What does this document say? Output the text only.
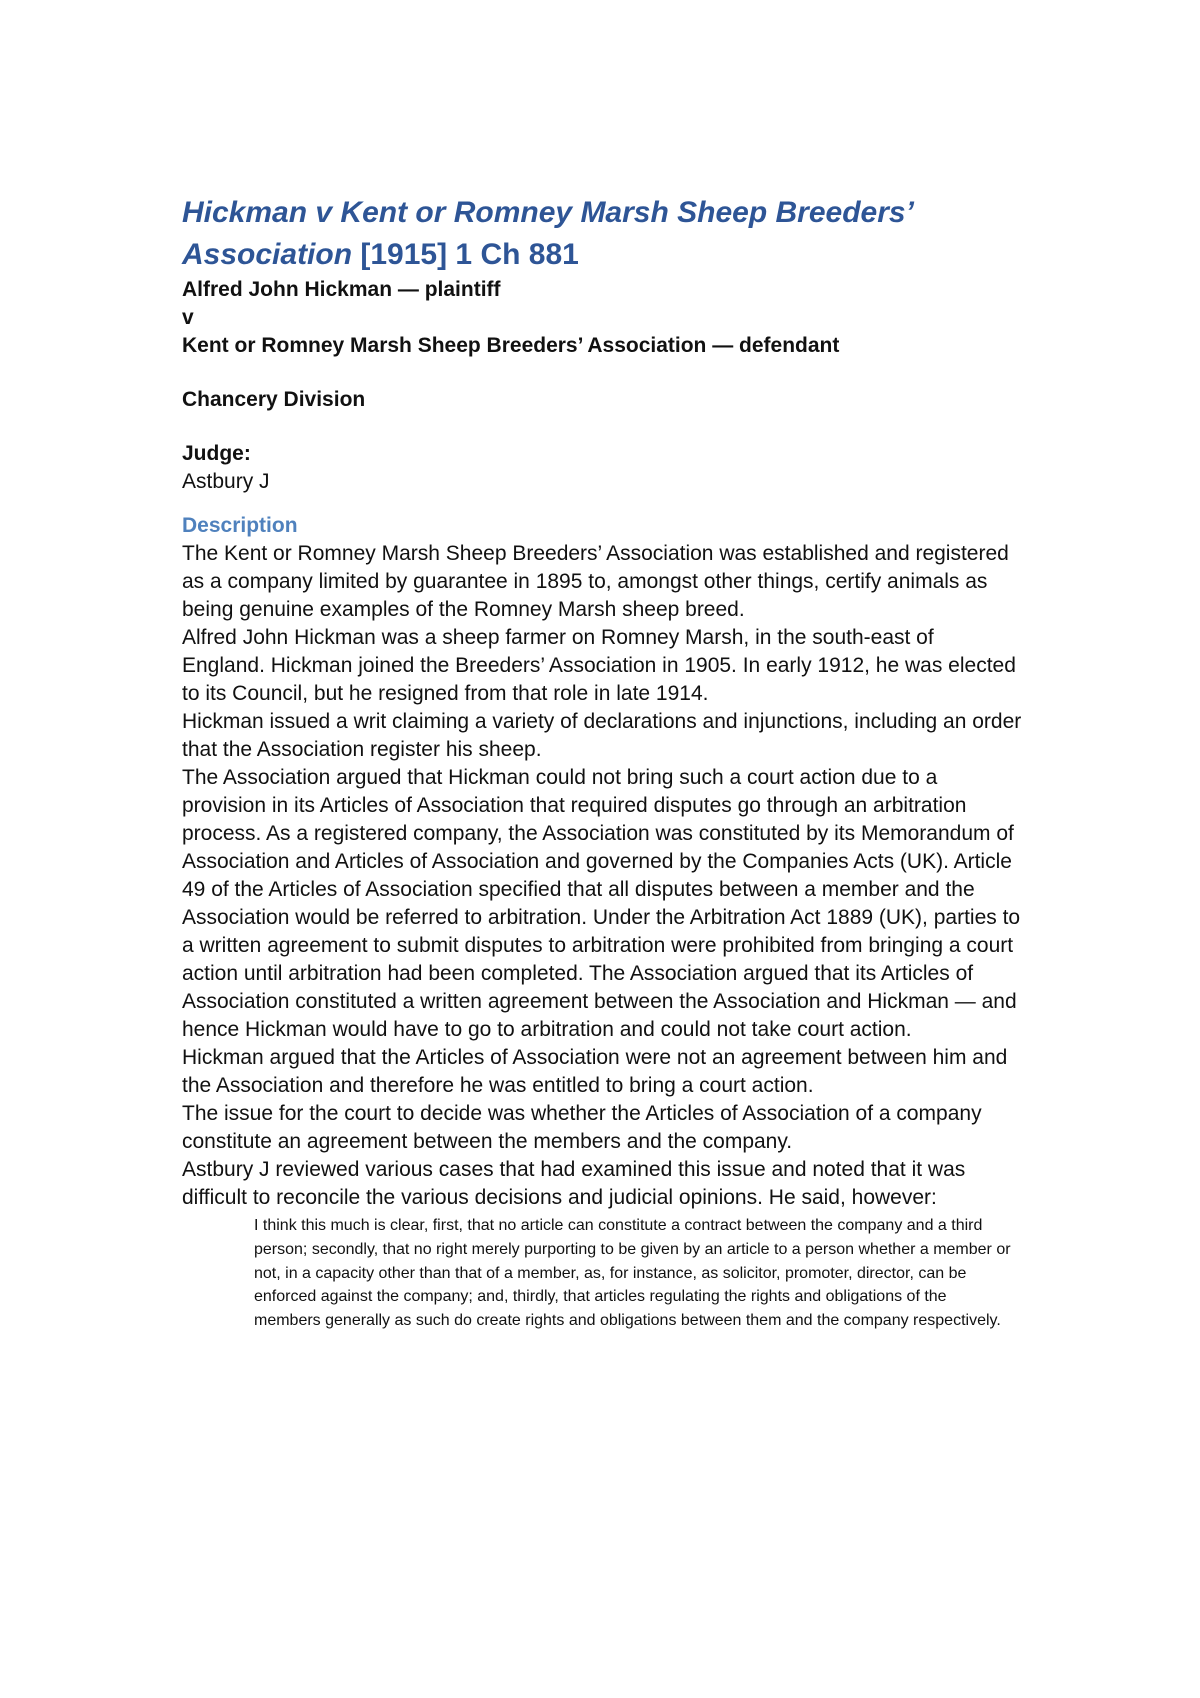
Hickman v Kent or Romney Marsh Sheep Breeders’ Association [1915] 1 Ch 881

Alfred John Hickman — plaintiff

v

Kent or Romney Marsh Sheep Breeders’ Association — defendant

Chancery Division

Judge:

Astbury J

Description

The Kent or Romney Marsh Sheep Breeders’ Association was established and registered as a company limited by guarantee in 1895 to, amongst other things, certify animals as being genuine examples of the Romney Marsh sheep breed.

Alfred John Hickman was a sheep farmer on Romney Marsh, in the south-east of England. Hickman joined the Breeders’ Association in 1905. In early 1912, he was elected to its Council, but he resigned from that role in late 1914.

Hickman issued a writ claiming a variety of declarations and injunctions, including an order that the Association register his sheep.

The Association argued that Hickman could not bring such a court action due to a provision in its Articles of Association that required disputes go through an arbitration process. As a registered company, the Association was constituted by its Memorandum of Association and Articles of Association and governed by the Companies Acts (UK). Article 49 of the Articles of Association specified that all disputes between a member and the Association would be referred to arbitration. Under the Arbitration Act 1889 (UK), parties to a written agreement to submit disputes to arbitration were prohibited from bringing a court action until arbitration had been completed. The Association argued that its Articles of Association constituted a written agreement between the Association and Hickman — and hence Hickman would have to go to arbitration and could not take court action.

Hickman argued that the Articles of Association were not an agreement between him and the Association and therefore he was entitled to bring a court action.

The issue for the court to decide was whether the Articles of Association of a company constitute an agreement between the members and the company.

Astbury J reviewed various cases that had examined this issue and noted that it was difficult to reconcile the various decisions and judicial opinions. He said, however:

I think this much is clear, first, that no article can constitute a contract between the company and a third person; secondly, that no right merely purporting to be given by an article to a person whether a member or not, in a capacity other than that of a member, as, for instance, as solicitor, promoter, director, can be enforced against the company; and, thirdly, that articles regulating the rights and obligations of the members generally as such do create rights and obligations between them and the company respectively.
